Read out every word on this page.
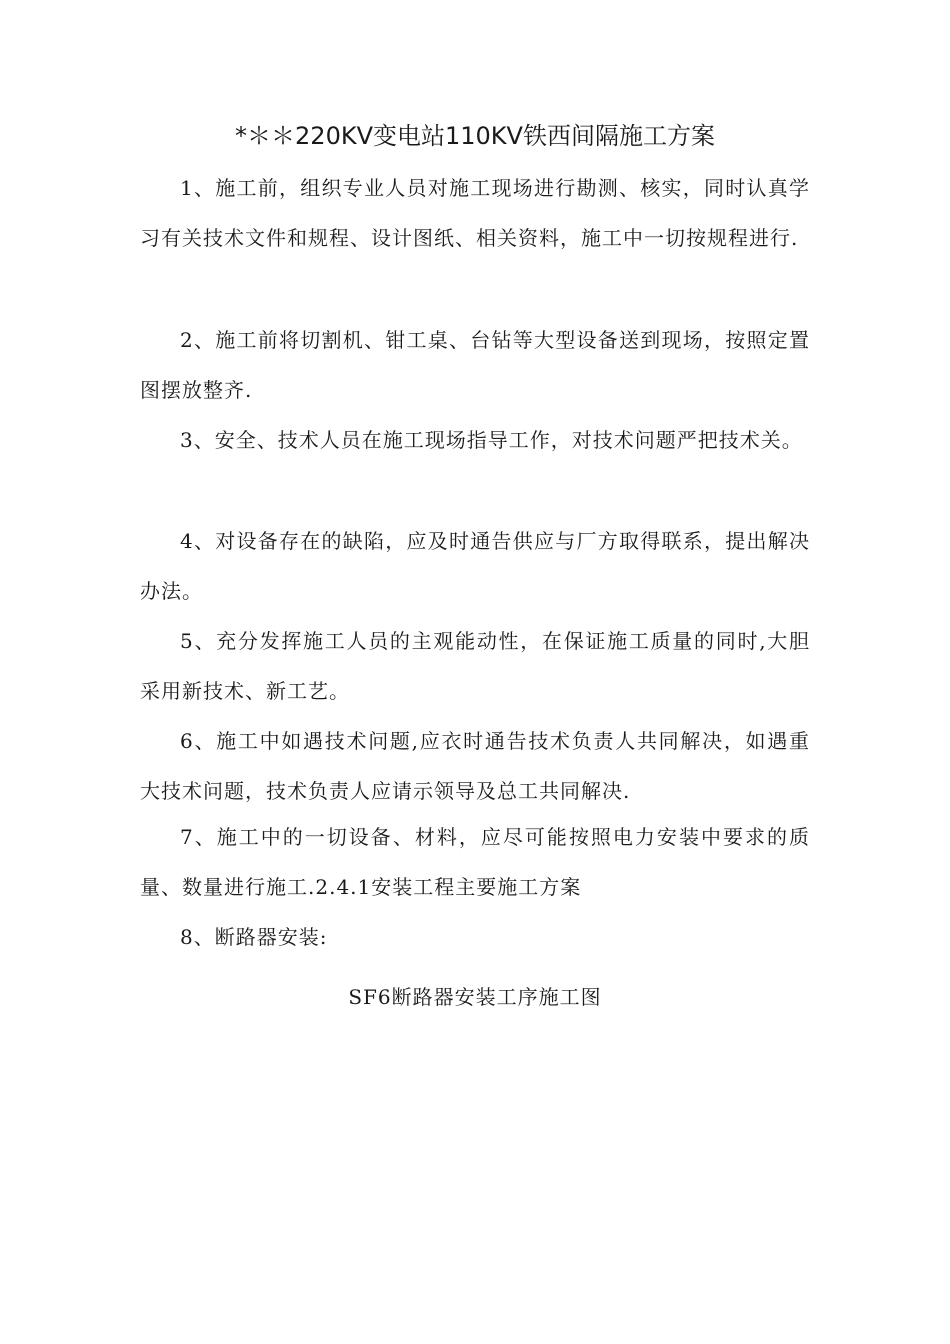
*＊＊220KV变电站110KV铁西间隔施工方案

1、施工前，组织专业人员对施工现场进行勘测、核实，同时认真学习有关技术文件和规程、设计图纸、相关资料，施工中一切按规程进行.

2、施工前将切割机、钳工桌、台钻等大型设备送到现场，按照定置图摆放整齐.

3、安全、技术人员在施工现场指导工作，对技术问题严把技术关。

4、对设备存在的缺陷，应及时通告供应与厂方取得联系，提出解决办法。

5、充分发挥施工人员的主观能动性，在保证施工质量的同时,大胆采用新技术、新工艺。

6、施工中如遇技术问题,应衣时通告技术负责人共同解决，如遇重大技术问题，技术负责人应请示领导及总工共同解决.

7、施工中的一切设备、材料，应尽可能按照电力安装中要求的质量、数量进行施工.2.4.1安装工程主要施工方案

8、断路器安装:

SF6断路器安装工序施工图
